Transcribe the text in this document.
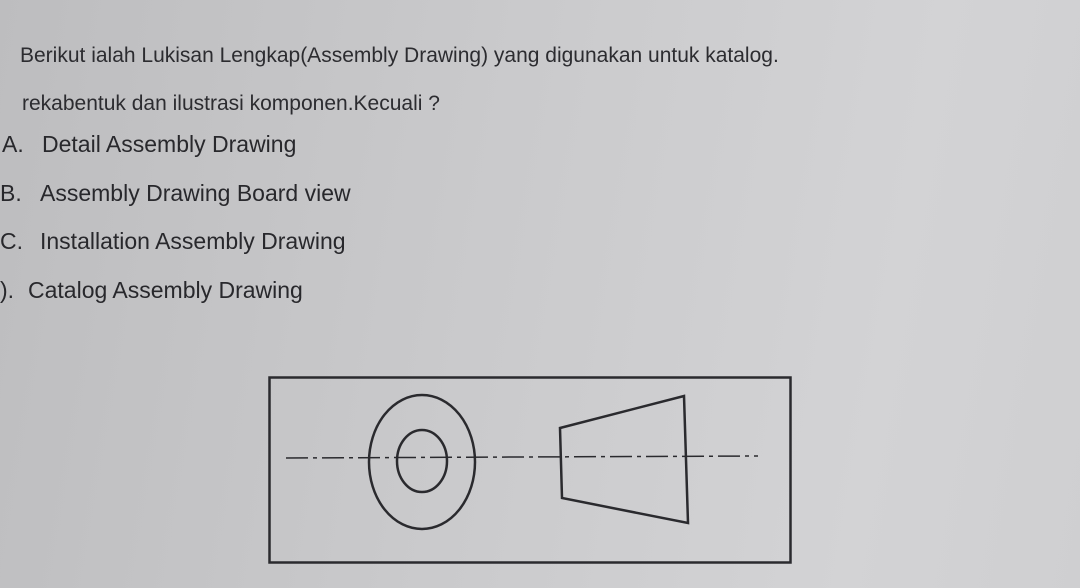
Berikut ialah Lukisan Lengkap(Assembly Drawing) yang digunakan untuk katalog.
rekabentuk dan ilustrasi komponen.Kecuali ?
A. Detail Assembly Drawing
B. Assembly Drawing Board view
C. Installation Assembly Drawing
). Catalog Assembly Drawing
